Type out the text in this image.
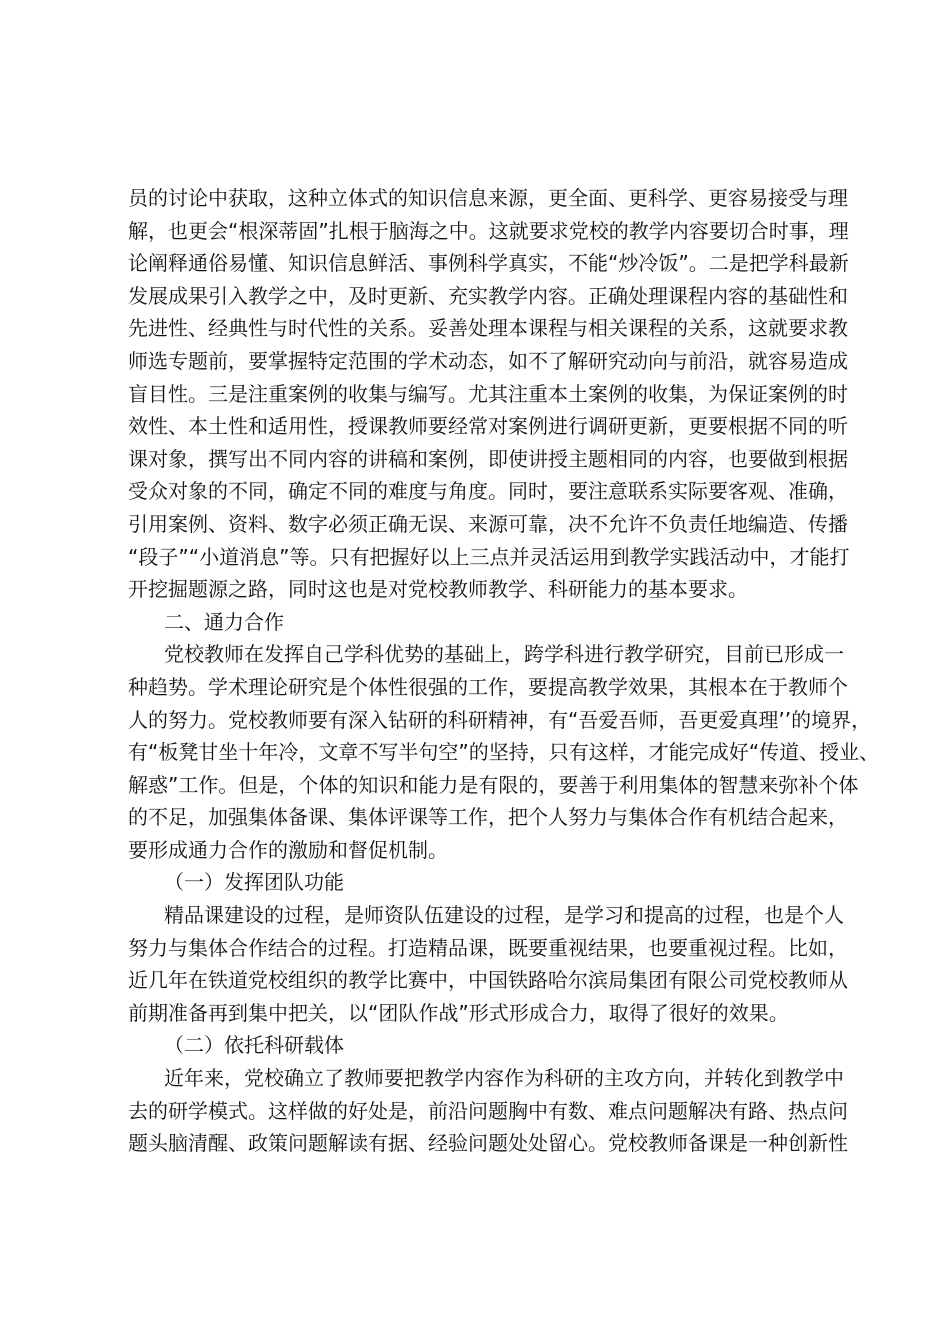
员的讨论中获取，这种立体式的知识信息来源，更全面、更科学、更容易接受与理
解，也更会“根深蒂固”扎根于脑海之中。这就要求党校的教学内容要切合时事，理
论阐释通俗易懂、知识信息鲜活、事例科学真实，不能“炒冷饭”。二是把学科最新
发展成果引入教学之中，及时更新、充实教学内容。正确处理课程内容的基础性和
先进性、经典性与时代性的关系。妥善处理本课程与相关课程的关系，这就要求教
师选专题前，要掌握特定范围的学术动态，如不了解研究动向与前沿，就容易造成
盲目性。三是注重案例的收集与编写。尤其注重本土案例的收集，为保证案例的时
效性、本土性和适用性，授课教师要经常对案例进行调研更新，更要根据不同的听
课对象，撰写出不同内容的讲稿和案例，即使讲授主题相同的内容，也要做到根据
受众对象的不同，确定不同的难度与角度。同时，要注意联系实际要客观、准确，
引用案例、资料、数字必须正确无误、来源可靠，决不允许不负责任地编造、传播
“段子”“小道消息”等。只有把握好以上三点并灵活运用到教学实践活动中，才能打
开挖掘题源之路，同时这也是对党校教师教学、科研能力的基本要求。
二、通力合作
党校教师在发挥自己学科优势的基础上，跨学科进行教学研究，目前已形成一
种趋势。学术理论研究是个体性很强的工作，要提高教学效果，其根本在于教师个
人的努力。党校教师要有深入钻研的科研精神，有“吾爱吾师，吾更爱真理’’的境界，
有“板凳甘坐十年冷，文章不写半句空”的坚持，只有这样，才能完成好“传道、授业、
解惑”工作。但是，个体的知识和能力是有限的，要善于利用集体的智慧来弥补个体
的不足，加强集体备课、集体评课等工作，把个人努力与集体合作有机结合起来，
要形成通力合作的激励和督促机制。
（一）发挥团队功能
精品课建设的过程，是师资队伍建设的过程，是学习和提高的过程，也是个人
努力与集体合作结合的过程。打造精品课，既要重视结果，也要重视过程。比如，
近几年在铁道党校组织的教学比赛中，中国铁路哈尔滨局集团有限公司党校教师从
前期准备再到集中把关，以“团队作战”形式形成合力，取得了很好的效果。
（二）依托科研载体
近年来，党校确立了教师要把教学内容作为科研的主攻方向，并转化到教学中
去的研学模式。这样做的好处是，前沿问题胸中有数、难点问题解决有路、热点问
题头脑清醒、政策问题解读有据、经验问题处处留心。党校教师备课是一种创新性
